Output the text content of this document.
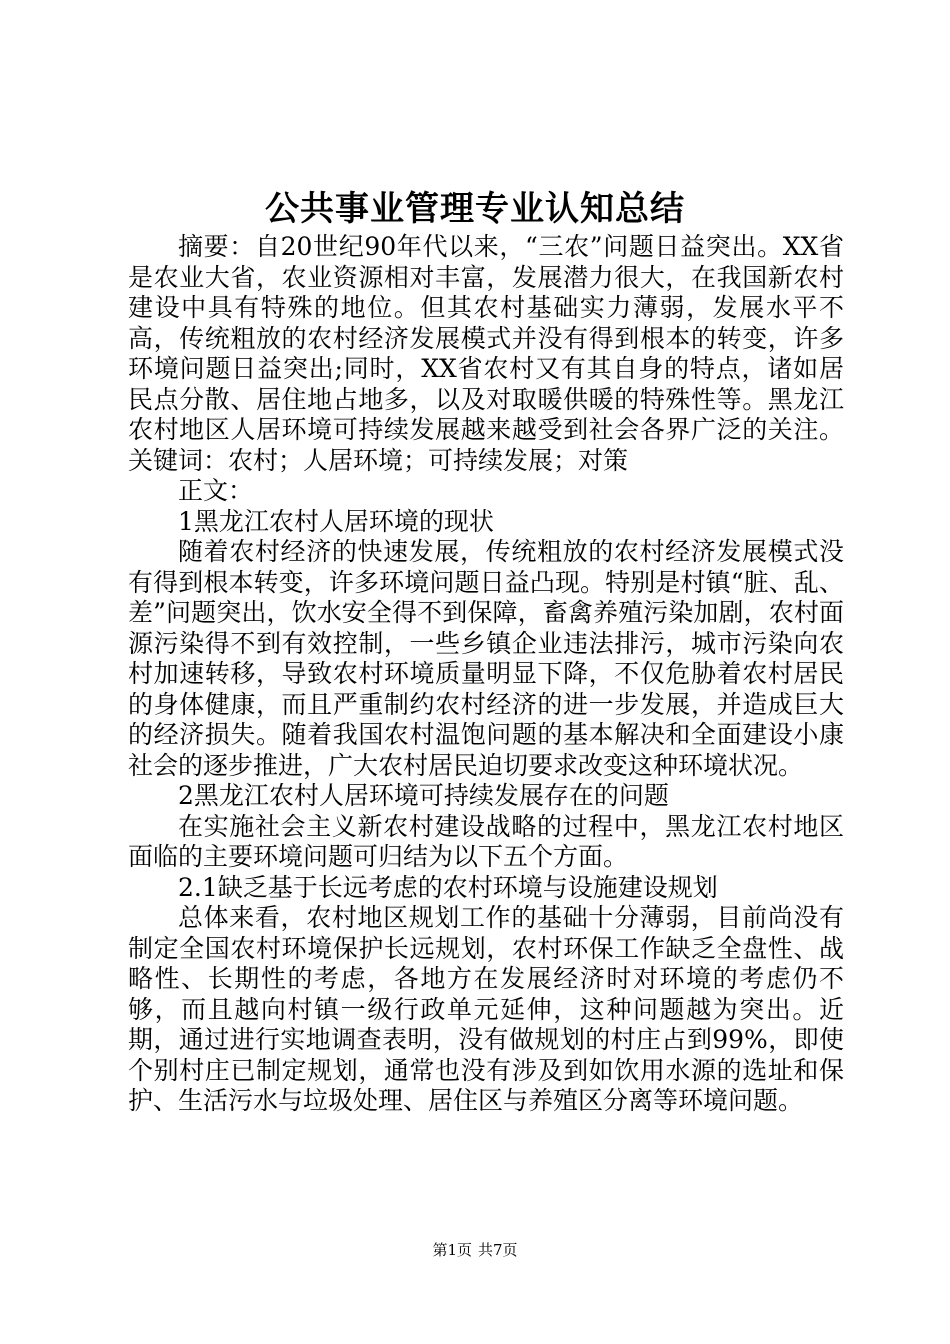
公共事业管理专业认知总结

摘要：自20世纪90年代以来，“三农”问题日益突出。XX省是农业大省，农业资源相对丰富，发展潜力很大，在我国新农村建设中具有特殊的地位。但其农村基础实力薄弱，发展水平不高，传统粗放的农村经济发展模式并没有得到根本的转变，许多环境问题日益突出;同时，XX省农村又有其自身的特点，诸如居民点分散、居住地占地多，以及对取暖供暖的特殊性等。黑龙江农村地区人居环境可持续发展越来越受到社会各界广泛的关注。关键词：农村；人居环境；可持续发展；对策

正文：

1黑龙江农村人居环境的现状

随着农村经济的快速发展，传统粗放的农村经济发展模式没有得到根本转变，许多环境问题日益凸现。特别是村镇“脏、乱、差”问题突出，饮水安全得不到保障，畜禽养殖污染加剧，农村面源污染得不到有效控制，一些乡镇企业违法排污，城市污染向农村加速转移，导致农村环境质量明显下降，不仅危胁着农村居民的身体健康，而且严重制约农村经济的进一步发展，并造成巨大的经济损失。随着我国农村温饱问题的基本解决和全面建设小康社会的逐步推进，广大农村居民迫切要求改变这种环境状况。

2黑龙江农村人居环境可持续发展存在的问题

在实施社会主义新农村建设战略的过程中，黑龙江农村地区面临的主要环境问题可归结为以下五个方面。

2.1缺乏基于长远考虑的农村环境与设施建设规划

总体来看，农村地区规划工作的基础十分薄弱，目前尚没有制定全国农村环境保护长远规划，农村环保工作缺乏全盘性、战略性、长期性的考虑，各地方在发展经济时对环境的考虑仍不够，而且越向村镇一级行政单元延伸，这种问题越为突出。近期，通过进行实地调查表明，没有做规划的村庄占到99%，即使个别村庄已制定规划，通常也没有涉及到如饮用水源的选址和保护、生活污水与垃圾处理、居住区与养殖区分离等环境问题。

第1页 共7页
